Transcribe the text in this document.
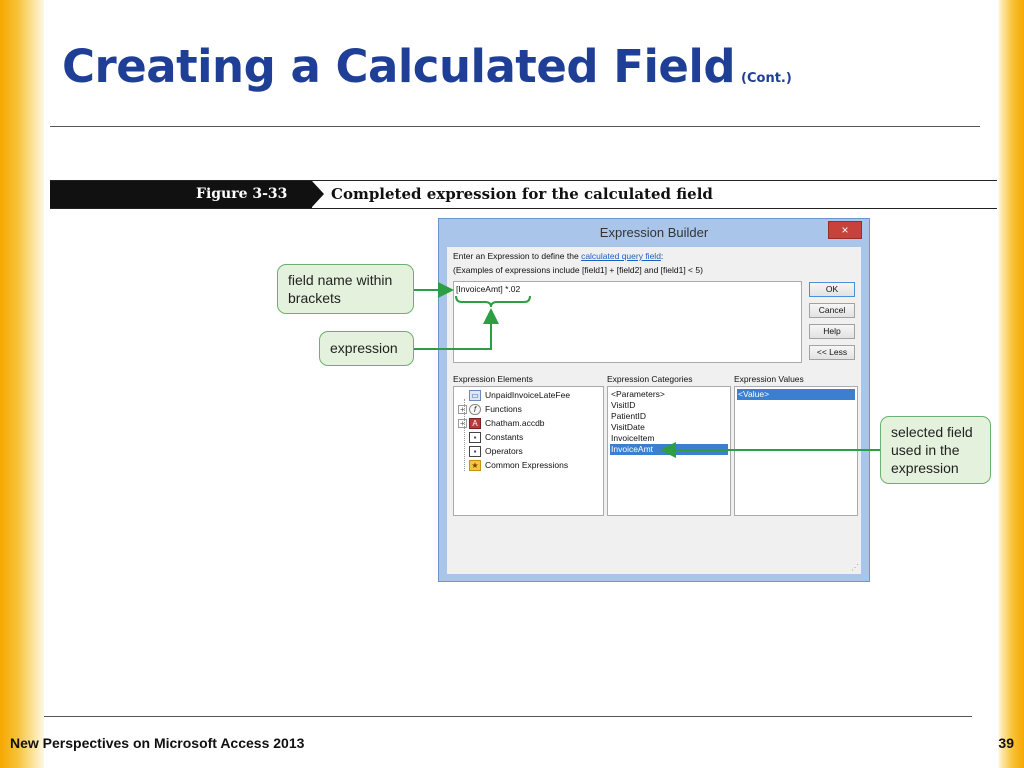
Creating a Calculated Field (Cont.)
Figure 3-33	Completed expression for the calculated field
Expression Builder	×
Enter an Expression to define the calculated query field:
(Examples of expressions include [field1] + [field2] and [field1] < 5)
[InvoiceAmt] *.02	OK
Cancel
Help
<< Less
Expression Elements	Expression Categories	Expression Values
▭ UnpaidInvoiceLateFee
+ f Functions
+ A Chatham.accdb
▪ Constants
▪ Operators
★ Common Expressions
<Parameters>
VisitID
PatientID
VisitDate
InvoiceItem
InvoiceAmt
<Value>
⋰
field name within brackets
expression
selected field used in the expression
New Perspectives on Microsoft Access 2013	39
